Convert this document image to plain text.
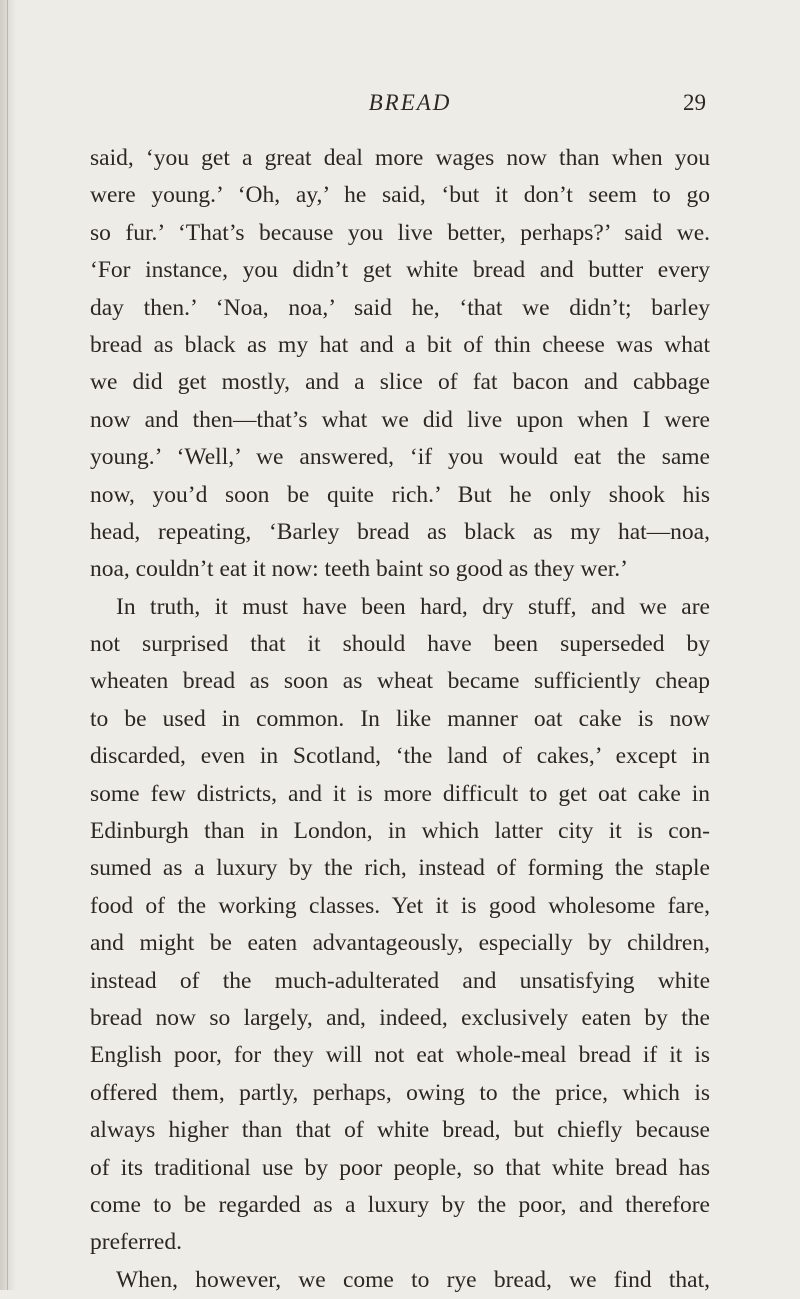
BREAD	29
said, ‘you get a great deal more wages now than when you
were young.’ ‘Oh, ay,’ he said, ‘but it don’t seem to go
so fur.’ ‘That’s because you live better, perhaps?’ said we.
‘For instance, you didn’t get white bread and butter every
day then.’ ‘Noa, noa,’ said he, ‘that we didn’t; barley
bread as black as my hat and a bit of thin cheese was what
we did get mostly, and a slice of fat bacon and cabbage
now and then—that’s what we did live upon when I were
young.’ ‘Well,’ we answered, ‘if you would eat the same
now, you’d soon be quite rich.’ But he only shook his
head, repeating, ‘Barley bread as black as my hat—noa,
noa, couldn’t eat it now: teeth baint so good as they wer.’
In truth, it must have been hard, dry stuff, and we are
not surprised that it should have been superseded by
wheaten bread as soon as wheat became sufficiently cheap
to be used in common. In like manner oat cake is now
discarded, even in Scotland, ‘the land of cakes,’ except in
some few districts, and it is more difficult to get oat cake in
Edinburgh than in London, in which latter city it is con-
sumed as a luxury by the rich, instead of forming the staple
food of the working classes. Yet it is good wholesome fare,
and might be eaten advantageously, especially by children,
instead of the much-adulterated and unsatisfying white
bread now so largely, and, indeed, exclusively eaten by the
English poor, for they will not eat whole-meal bread if it is
offered them, partly, perhaps, owing to the price, which is
always higher than that of white bread, but chiefly because
of its traditional use by poor people, so that white bread has
come to be regarded as a luxury by the poor, and therefore
preferred.
When, however, we come to rye bread, we find that,
